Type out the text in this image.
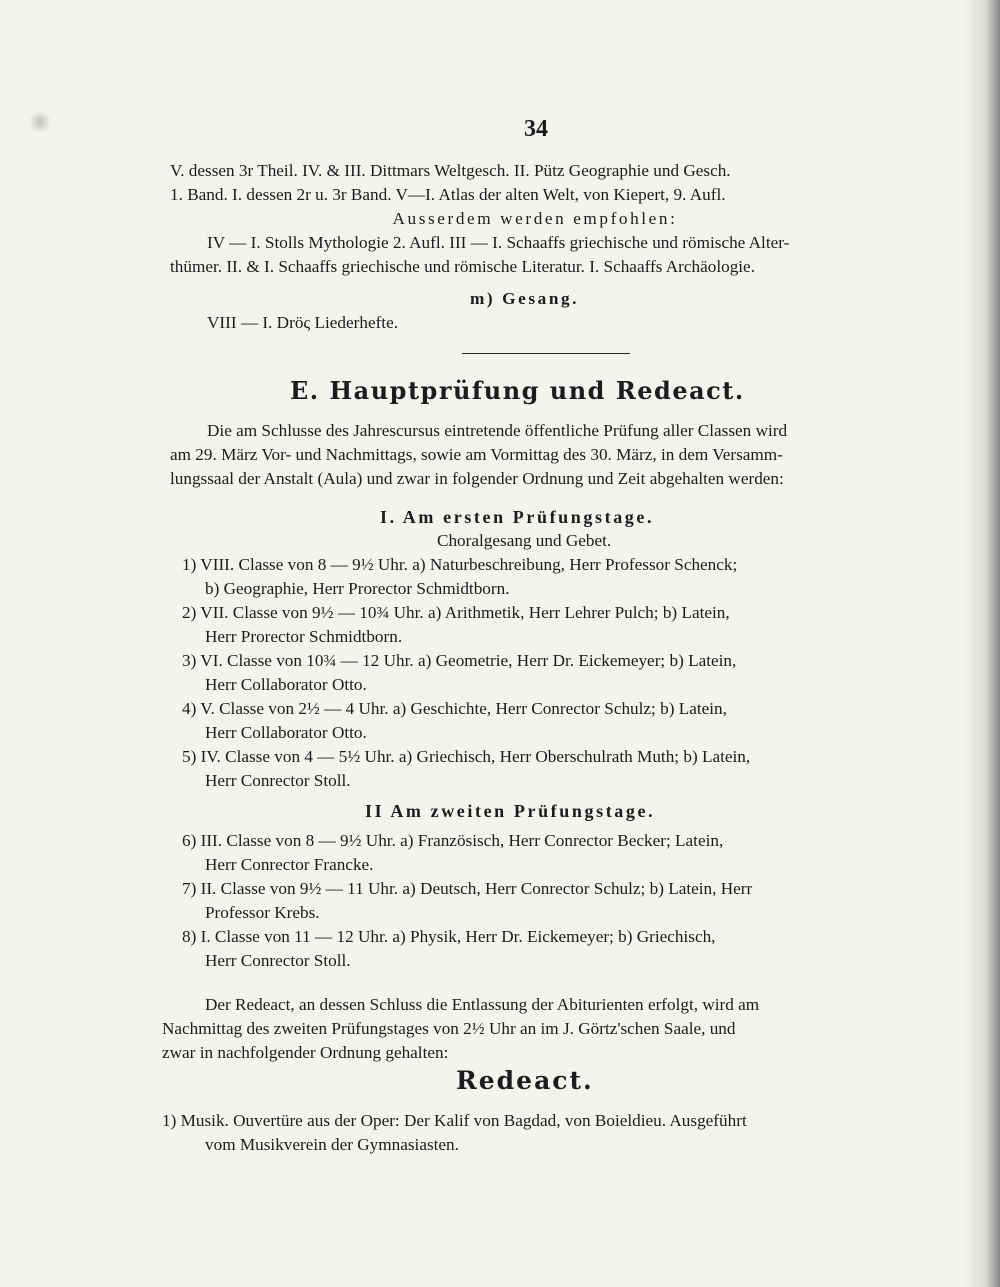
34
V. dessen 3r Theil. IV. & III. Dittmars Weltgesch. II. Pütz Geographie und Gesch.
1. Band. I. dessen 2r u. 3r Band. V—I. Atlas der alten Welt, von Kiepert, 9. Aufl.
Ausserdem werden empfohlen:
IV — I. Stolls Mythologie 2. Aufl. III — I. Schaaffs griechische und römische Alter-
thümer. II. & I. Schaaffs griechische und römische Literatur. I. Schaaffs Archäologie.
m) Gesang.
VIII — I. Dröς Liederhefte.
E. Hauptprüfung und Redeact.
Die am Schlusse des Jahrescursus eintretende öffentliche Prüfung aller Classen wird
am 29. März Vor- und Nachmittags, sowie am Vormittag des 30. März, in dem Versamm-
lungssaal der Anstalt (Aula) und zwar in folgender Ordnung und Zeit abgehalten werden:
I. Am ersten Prüfungstage.
Choralgesang und Gebet.
1) VIII. Classe von 8 — 9½ Uhr. a) Naturbeschreibung, Herr Professor Schenck;
b) Geographie, Herr Prorector Schmidtborn.
2) VII. Classe von 9½ — 10¾ Uhr. a) Arithmetik, Herr Lehrer Pulch; b) Latein,
Herr Prorector Schmidtborn.
3) VI. Classe von 10¾ — 12 Uhr. a) Geometrie, Herr Dr. Eickemeyer; b) Latein,
Herr Collaborator Otto.
4) V. Classe von 2½ — 4 Uhr. a) Geschichte, Herr Conrector Schulz; b) Latein,
Herr Collaborator Otto.
5) IV. Classe von 4 — 5½ Uhr. a) Griechisch, Herr Oberschulrath Muth; b) Latein,
Herr Conrector Stoll.
II Am zweiten Prüfungstage.
6) III. Classe von 8 — 9½ Uhr. a) Französisch, Herr Conrector Becker; Latein,
Herr Conrector Francke.
7) II. Classe von 9½ — 11 Uhr. a) Deutsch, Herr Conrector Schulz; b) Latein, Herr
Professor Krebs.
8) I. Classe von 11 — 12 Uhr. a) Physik, Herr Dr. Eickemeyer; b) Griechisch,
Herr Conrector Stoll.
Der Redeact, an dessen Schluss die Entlassung der Abiturienten erfolgt, wird am
Nachmittag des zweiten Prüfungstages von 2½ Uhr an im J. Görtz'schen Saale, und
zwar in nachfolgender Ordnung gehalten:
Redeact.
1) Musik. Ouvertüre aus der Oper: Der Kalif von Bagdad, von Boieldieu. Ausgeführt
vom Musikverein der Gymnasiasten.
